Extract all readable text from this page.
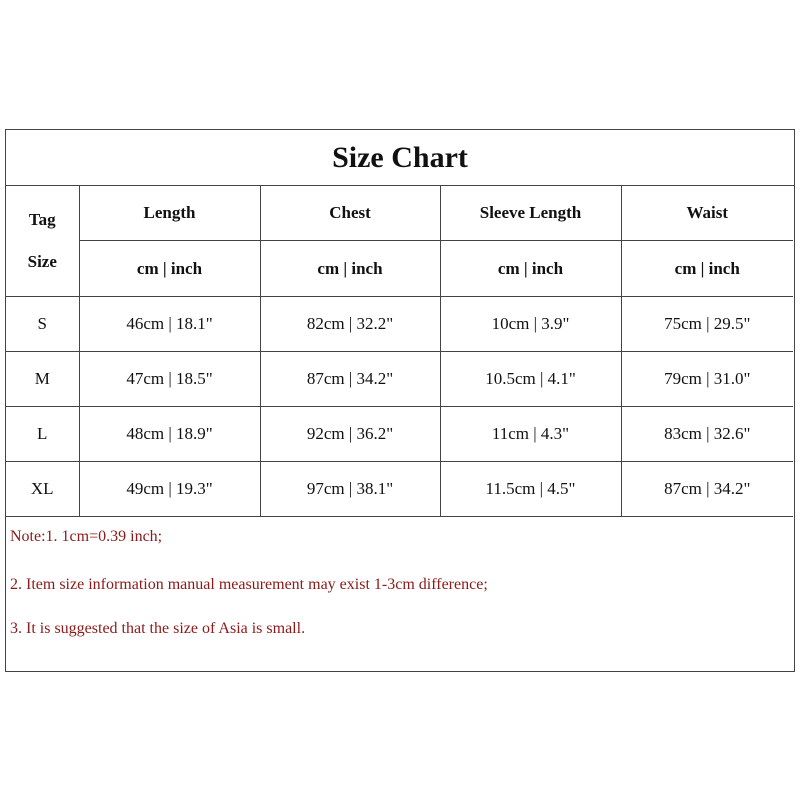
Size Chart
Tag
Size	Length	Chest	Sleeve Length	Waist
	cm | inch	cm | inch	cm | inch	cm | inch
S	46cm | 18.1"	82cm | 32.2"	10cm | 3.9"	75cm | 29.5"
M	47cm | 18.5"	87cm | 34.2"	10.5cm | 4.1"	79cm | 31.0"
L	48cm | 18.9"	92cm | 36.2"	11cm | 4.3"	83cm | 32.6"
XL	49cm | 19.3"	97cm | 38.1"	11.5cm | 4.5"	87cm | 34.2"
Note:1. 1cm=0.39 inch;
2. Item size information manual measurement may exist 1-3cm difference;
3. It is suggested that the size of Asia is small.
